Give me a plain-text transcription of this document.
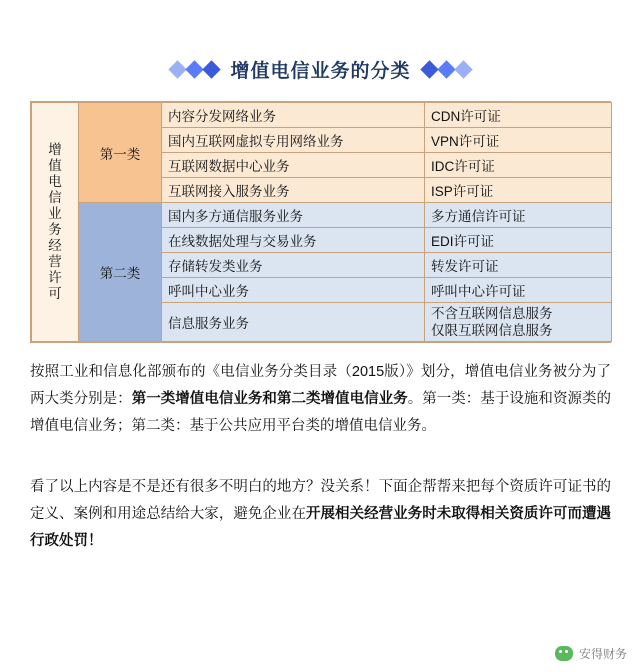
增值电信业务的分类
增
值
电
信
业
务
经
营
许
可
	第一类	内容分发网络业务	CDN许可证
		国内互联网虚拟专用网络业务	VPN许可证
		互联网数据中心业务	IDC许可证
		互联网接入服务业务	ISP许可证
	第二类	国内多方通信服务业务	多方通信许可证
		在线数据处理与交易业务	EDI许可证
		存储转发类业务	转发许可证
		呼叫中心业务	呼叫中心许可证
		信息服务业务	不含互联网信息服务
仅限互联网信息服务

按照工业和信息化部颁布的《电信业务分类目录（2015版）》划分，增值电信业务被分为了两大类分别是：第一类增值电信业务和第二类增值电信业务。第一类：基于设施和资源类的增值电信业务；第二类：基于公共应用平台类的增值电信业务。

看了以上内容是不是还有很多不明白的地方？没关系！下面企帮帮来把每个资质许可证书的定义、案例和用途总结给大家，避免企业在开展相关经营业务时未取得相关资质许可而遭遇行政处罚！

安得财务
